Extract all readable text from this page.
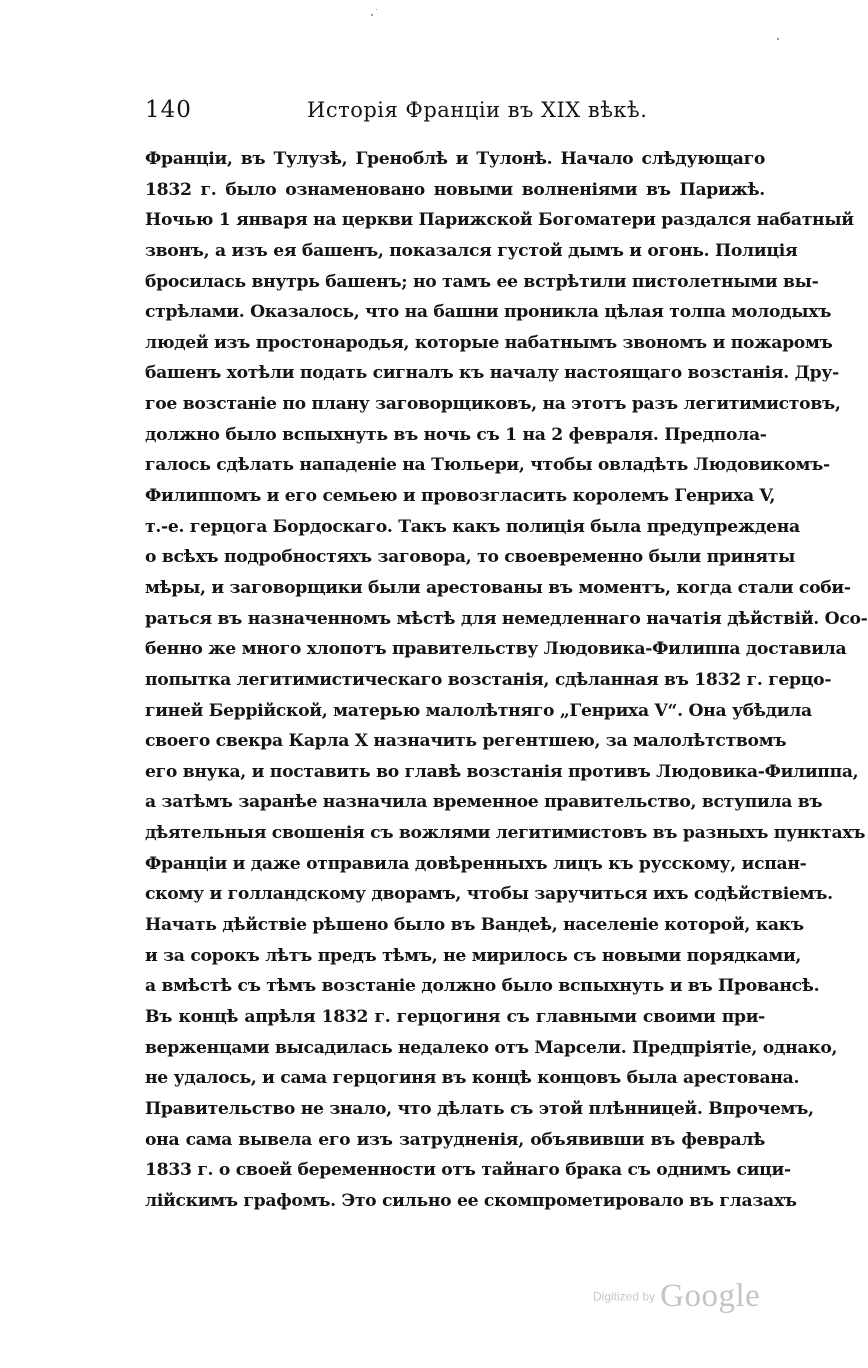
140	Исторія Франціи въ XIX вѣкѣ.
Франціи, въ Тулузѣ, Греноблѣ и Тулонѣ. Начало слѣдующаго
1832 г. было ознаменовано новыми волненіями въ Парижѣ.
Ночью 1 января на церкви Парижской Богоматери раздался набатный
звонъ, а изъ ея башенъ, показался густой дымъ и огонь. Полиція
бросилась внутрь башенъ; но тамъ ее встрѣтили пистолетными вы-
стрѣлами. Оказалось, что на башни проникла цѣлая толпа молодыхъ
людей изъ простонародья, которые набатнымъ звономъ и пожаромъ
башенъ хотѣли подать сигналъ къ началу настоящаго возстанія. Дру-
гое возстаніе по плану заговорщиковъ, на этотъ разъ легитимистовъ,
должно было вспыхнуть въ ночь съ 1 на 2 февраля. Предпола-
галось сдѣлать нападеніе на Тюльери, чтобы овладѣть Людовикомъ-
Филиппомъ и его семьею и провозгласить королемъ Генриха V,
т.-е. герцога Бордоскаго. Такъ какъ полиція была предупреждена
о всѣхъ подробностяхъ заговора, то своевременно были приняты
мѣры, и заговорщики были арестованы въ моментъ, когда стали соби-
раться въ назначенномъ мѣстѣ для немедленнаго начатія дѣйствій. Осо-
бенно же много хлопотъ правительству Людовика-Филиппа доставила
попытка легитимистическаго возстанія, сдѣланная въ 1832 г. герцо-
гиней Беррійской, матерью малолѣтняго „Генриха V“. Она убѣдила
своего свекра Карла X назначить регентшею, за малолѣтствомъ
его внука, и поставить во главѣ возстанія противъ Людовика-Филиппа,
а затѣмъ заранѣе назначила временное правительство, вступила въ
дѣятельныя свошенія съ вожлями легитимистовъ въ разныхъ пунктахъ
Франціи и даже отправила довѣренныхъ лицъ къ русскому, испан-
скому и голландскому дворамъ, чтобы заручиться ихъ содѣйствіемъ.
Начать дѣйствіе рѣшено было въ Вандеѣ, населеніе которой, какъ
и за сорокъ лѣтъ предъ тѣмъ, не мирилось съ новыми порядками,
а вмѣстѣ съ тѣмъ возстаніе должно было вспыхнуть и въ Провансѣ.
Въ концѣ апрѣля 1832 г. герцогиня съ главными своими при-
верженцами высадилась недалеко отъ Марсели. Предпріятіе, однако,
не удалось, и сама герцогиня въ концѣ концовъ была арестована.
Правительство не знало, что дѣлать съ этой плѣнницей. Впрочемъ,
она сама вывела его изъ затрудненія, объявивши въ февралѣ
1833 г. о своей беременности отъ тайнаго брака съ однимъ сици-
лійскимъ графомъ. Это сильно ее скомпрометировало въ глазахъ
Digitized by Google
